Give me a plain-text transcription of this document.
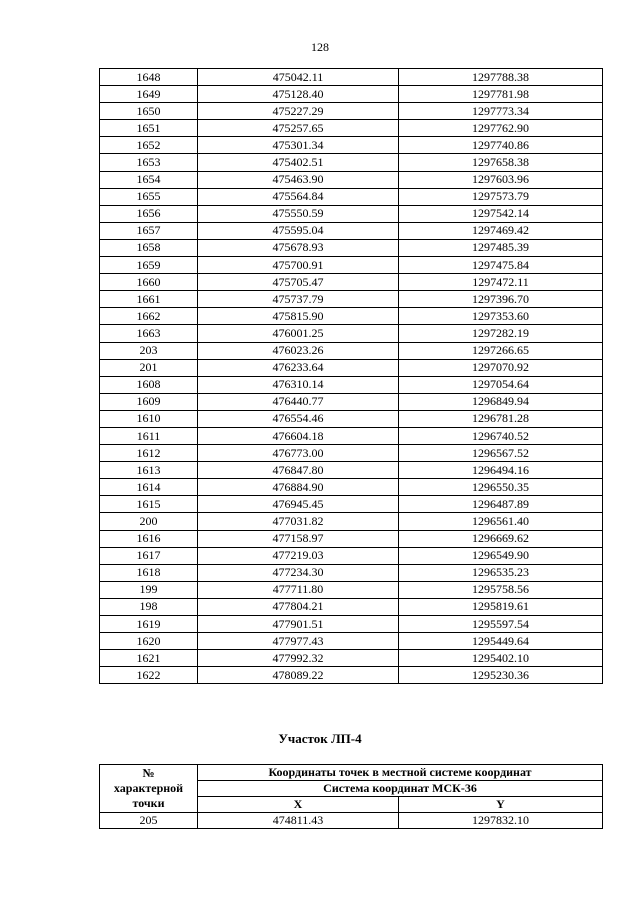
128
1648	475042.11	1297788.38
1649	475128.40	1297781.98
1650	475227.29	1297773.34
1651	475257.65	1297762.90
1652	475301.34	1297740.86
1653	475402.51	1297658.38
1654	475463.90	1297603.96
1655	475564.84	1297573.79
1656	475550.59	1297542.14
1657	475595.04	1297469.42
1658	475678.93	1297485.39
1659	475700.91	1297475.84
1660	475705.47	1297472.11
1661	475737.79	1297396.70
1662	475815.90	1297353.60
1663	476001.25	1297282.19
203	476023.26	1297266.65
201	476233.64	1297070.92
1608	476310.14	1297054.64
1609	476440.77	1296849.94
1610	476554.46	1296781.28
1611	476604.18	1296740.52
1612	476773.00	1296567.52
1613	476847.80	1296494.16
1614	476884.90	1296550.35
1615	476945.45	1296487.89
200	477031.82	1296561.40
1616	477158.97	1296669.62
1617	477219.03	1296549.90
1618	477234.30	1296535.23
199	477711.80	1295758.56
198	477804.21	1295819.61
1619	477901.51	1295597.54
1620	477977.43	1295449.64
1621	477992.32	1295402.10
1622	478089.22	1295230.36
Участок ЛП-4
№
характерной
точки	Координаты точек в местной системе координат	
	Система координат МСК-36	
	X	Y
205	474811.43	1297832.10
